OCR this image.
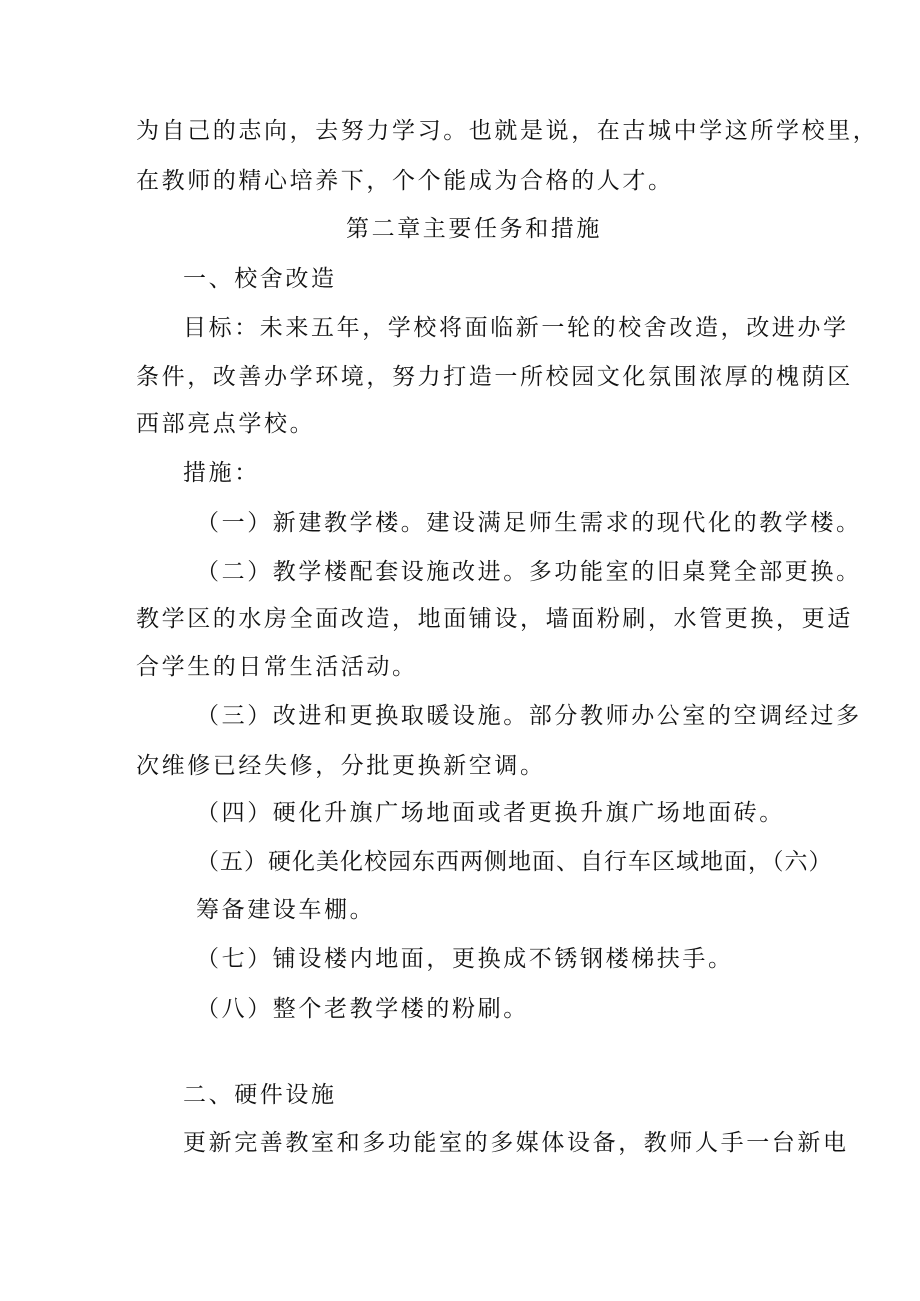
为自己的志向，去努力学习。也就是说，在古城中学这所学校里，
在教师的精心培养下，个个能成为合格的人才。
第二章主要任务和措施
一、校舍改造
目标：未来五年，学校将面临新一轮的校舍改造，改进办学
条件，改善办学环境，努力打造一所校园文化氛围浓厚的槐荫区
西部亮点学校。
措施：
（一）新建教学楼。建设满足师生需求的现代化的教学楼。
（二）教学楼配套设施改进。多功能室的旧桌凳全部更换。
教学区的水房全面改造，地面铺设，墙面粉刷，水管更换，更适
合学生的日常生活活动。
（三）改进和更换取暖设施。部分教师办公室的空调经过多
次维修已经失修，分批更换新空调。
（四）硬化升旗广场地面或者更换升旗广场地面砖。
（五）硬化美化校园东西两侧地面、自行车区域地面，（六）
筹备建设车棚。
（七）铺设楼内地面，更换成不锈钢楼梯扶手。
（八）整个老教学楼的粉刷。
二、硬件设施
更新完善教室和多功能室的多媒体设备，教师人手一台新电
